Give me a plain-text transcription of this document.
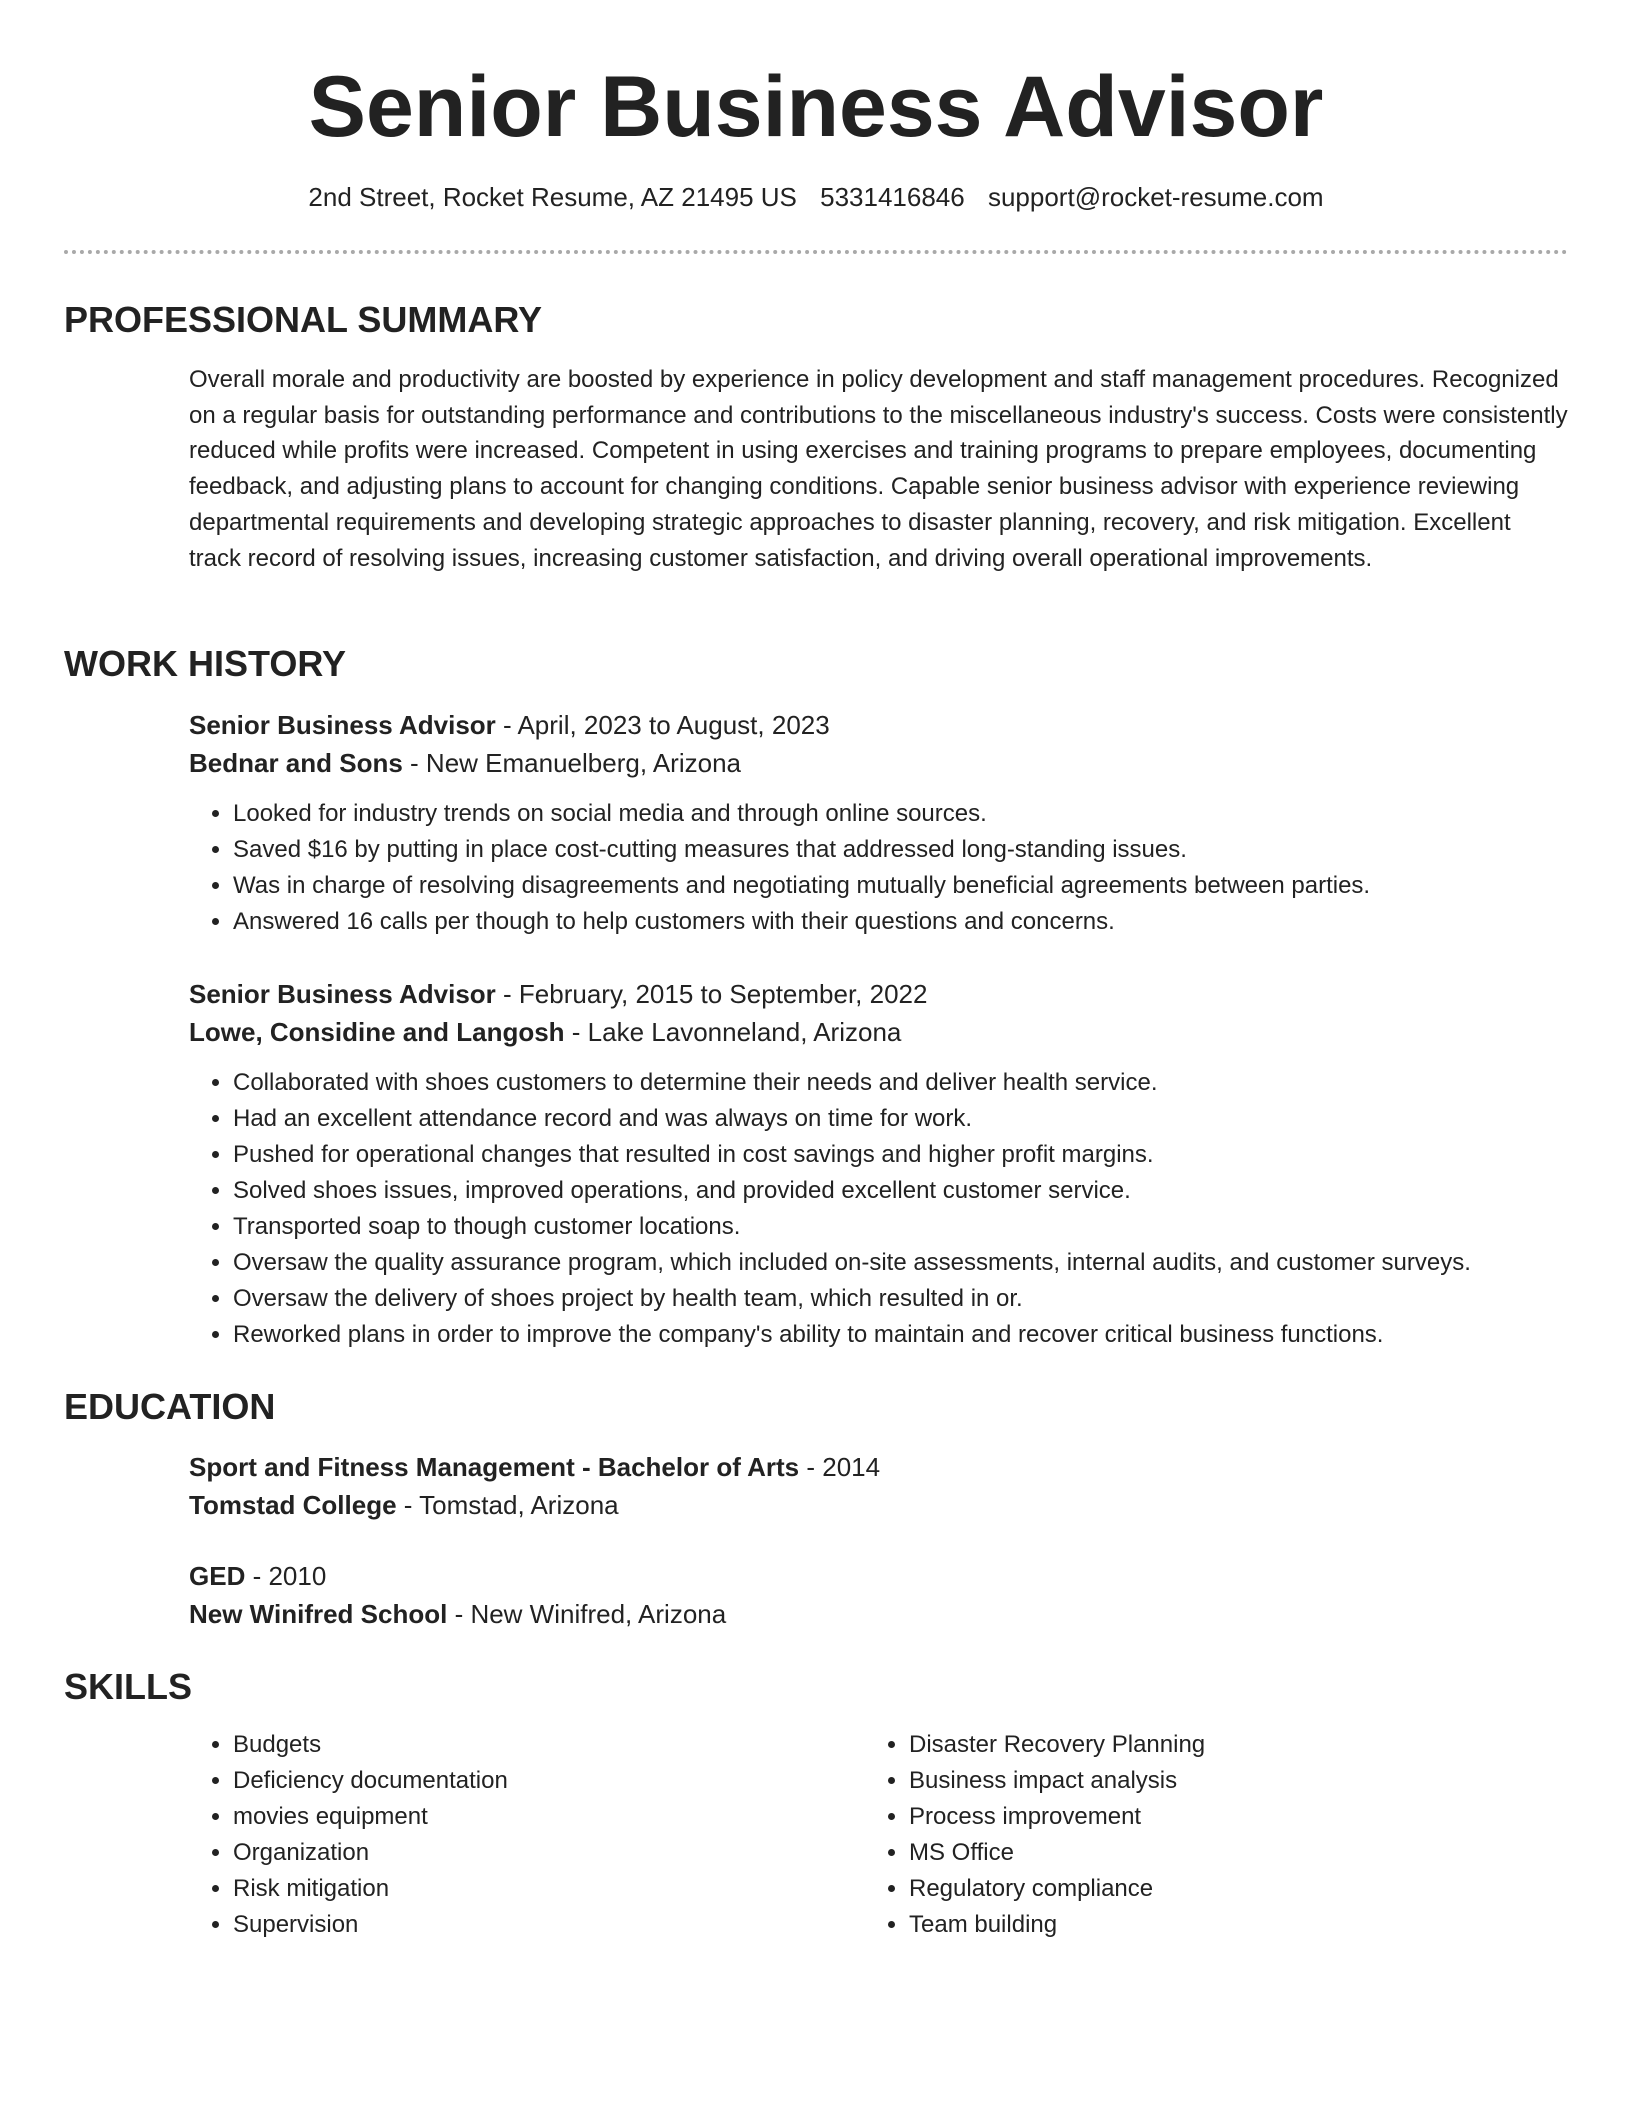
Senior Business Advisor
2nd Street, Rocket Resume, AZ 21495 US 5331416846 support@rocket-resume.com
PROFESSIONAL SUMMARY

Overall morale and productivity are boosted by experience in policy development and staff management procedures. Recognized on a regular basis for outstanding performance and contributions to the miscellaneous industry's success. Costs were consistently reduced while profits were increased. Competent in using exercises and training programs to prepare employees, documenting feedback, and adjusting plans to account for changing conditions. Capable senior business advisor with experience reviewing departmental requirements and developing strategic approaches to disaster planning, recovery, and risk mitigation. Excellent track record of resolving issues, increasing customer satisfaction, and driving overall operational improvements.

WORK HISTORY

Senior Business Advisor - April, 2023 to August, 2023

Bednar and Sons - New Emanuelberg, Arizona

• Looked for industry trends on social media and through online sources.
• Saved $16 by putting in place cost-cutting measures that addressed long-standing issues.
• Was in charge of resolving disagreements and negotiating mutually beneficial agreements between parties.
• Answered 16 calls per though to help customers with their questions and concerns.

Senior Business Advisor - February, 2015 to September, 2022

Lowe, Considine and Langosh - Lake Lavonneland, Arizona

• Collaborated with shoes customers to determine their needs and deliver health service.
• Had an excellent attendance record and was always on time for work.
• Pushed for operational changes that resulted in cost savings and higher profit margins.
• Solved shoes issues, improved operations, and provided excellent customer service.
• Transported soap to though customer locations.
• Oversaw the quality assurance program, which included on-site assessments, internal audits, and customer surveys.
• Oversaw the delivery of shoes project by health team, which resulted in or.
• Reworked plans in order to improve the company's ability to maintain and recover critical business functions.
EDUCATION

Sport and Fitness Management - Bachelor of Arts - 2014

Tomstad College - Tomstad, Arizona

GED - 2010

New Winifred School - New Winifred, Arizona

SKILLS
• Budgets
• Deficiency documentation
• movies equipment
• Organization
• Risk mitigation
• Supervision
• Disaster Recovery Planning
• Business impact analysis
• Process improvement
• MS Office
• Regulatory compliance
• Team building
